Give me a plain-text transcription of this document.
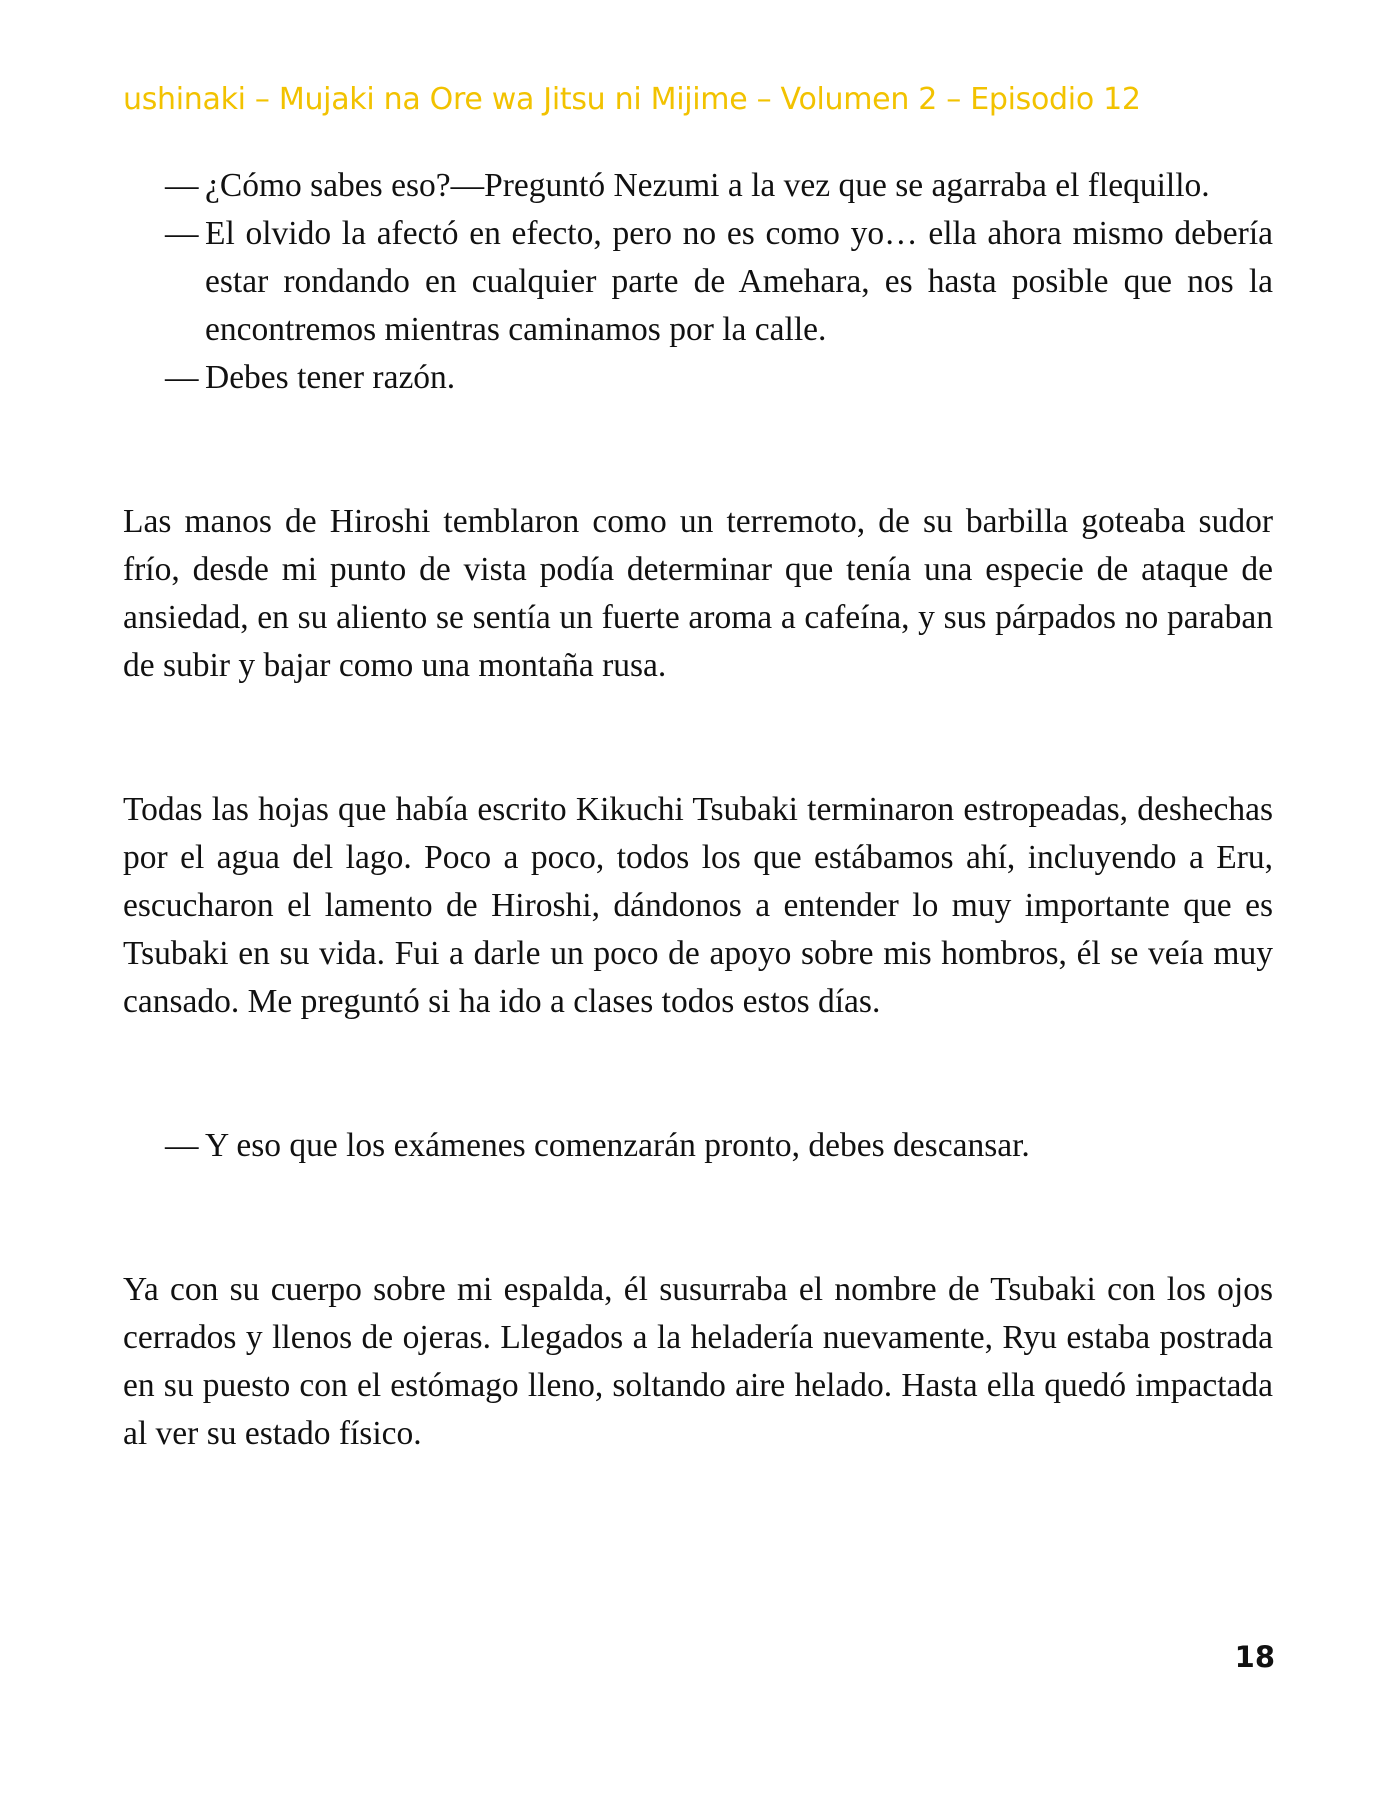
ushinaki – Mujaki na Ore wa Jitsu ni Mijime – Volumen 2 – Episodio 12

— ¿Cómo sabes eso?—Preguntó Nezumi a la vez que se agarraba el flequillo.

— El olvido la afectó en efecto, pero no es como yo… ella ahora mismo debería estar rondando en cualquier parte de Amehara, es hasta posible que nos la encontremos mientras caminamos por la calle.

— Debes tener razón.

Las manos de Hiroshi temblaron como un terremoto, de su barbilla goteaba sudor frío, desde mi punto de vista podía determinar que tenía una especie de ataque de ansiedad, en su aliento se sentía un fuerte aroma a cafeína, y sus párpados no paraban de subir y bajar como una montaña rusa.

Todas las hojas que había escrito Kikuchi Tsubaki terminaron estropeadas, deshechas por el agua del lago. Poco a poco, todos los que estábamos ahí, incluyendo a Eru, escucharon el lamento de Hiroshi, dándonos a entender lo muy importante que es Tsubaki en su vida. Fui a darle un poco de apoyo sobre mis hombros, él se veía muy cansado. Me preguntó si ha ido a clases todos estos días.

— Y eso que los exámenes comenzarán pronto, debes descansar.

Ya con su cuerpo sobre mi espalda, él susurraba el nombre de Tsubaki con los ojos cerrados y llenos de ojeras. Llegados a la heladería nuevamente, Ryu estaba postrada en su puesto con el estómago lleno, soltando aire helado. Hasta ella quedó impactada al ver su estado físico.

18
